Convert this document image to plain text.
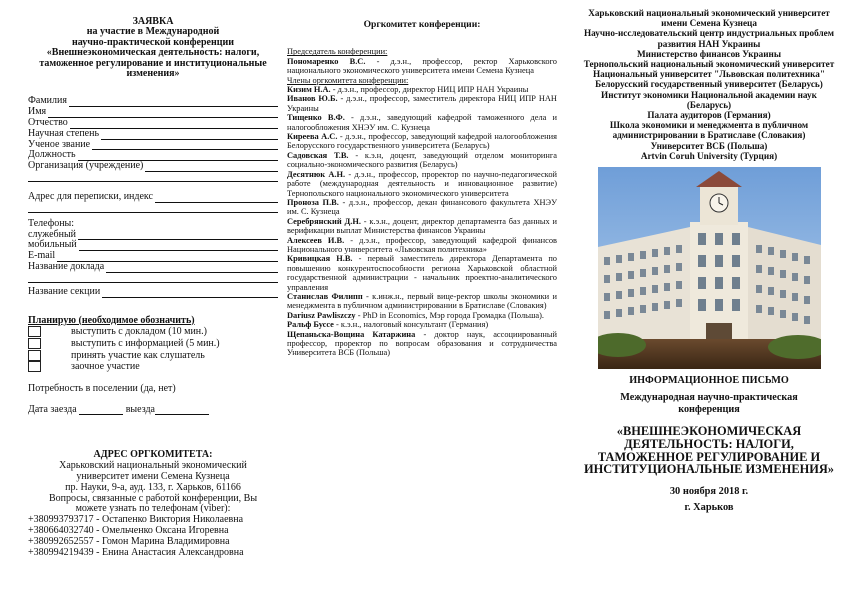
ЗАЯВКА
на участие в Международной
научно-практической конференции
«Внешнеэкономическая деятельность: налоги,
таможенное регулирование и институциональные
изменения»
Фамилия
Имя
Отчество
Научная степень
Ученое звание
Должность
Организация (учреждение)
Адрес для переписки, индекс
Телефоны:
служебный
мобильный
E-mail
Название доклада
Название секции
Планирую (необходимое обозначить)
выступить с докладом (10 мин.)
выступить с информацией (5 мин.)
принять участие как слушатель
заочное участие
Потребность в поселении (да, нет)
Дата заезда	выезда
АДРЕС ОРГКОМИТЕТА:
Харьковский национальный экономический
университет имени Семена Кузнеца
пр. Науки, 9-а, ауд. 133, г. Харьков, 61166
Вопросы, связанные с работой конференции, Вы
можете узнать по телефонам (viber):
+380993793717 - Остапенко Виктория Николаевна
+380664032740 - Омельченко Оксана Игоревна
+380992652557 - Гомон Марина Владимировна
+380994219439 - Енина Анастасия Александровна
Оргкомитет конференции:
Председатель конференции:

Пономаренко В.С. - д.э.н., профессор, ректор Харьковского национального экономического университета имени Семена Кузнеца

Члены оргкомитета конференции:

Кизим Н.А. - д.э.н., профессор, директор НИЦ ИПР НАН Украины

Иванов Ю.Б. - д.э.н., профессор, заместитель директора НИЦ ИПР НАН Украины

Тищенко В.Ф. - д.э.н., заведующий кафедрой таможенного дела и налогообложения ХНЭУ им. С. Кузнеца

Киреева А.С. - д.э.н., профессор, заведующий кафедрой налогообложения Белорусского государственного университета (Беларусь)

Садовская Т.В. - к.э.н, доцент, заведующий отделом мониторинга социально-экономического развития (Беларусь)

Десятнюк А.Н. - д.э.н., профессор, проректор по научно-педагогической работе (международная деятельность и инновационное развитие) Тернопольского национального экономического университета

Проноза П.В. - д.э.н., профессор, декан финансового факультета ХНЭУ им. С. Кузнеца

Серебрянский Д.Н. - к.э.н., доцент, директор департамента баз данных и верификации выплат Министерства финансов Украины

Алексеев И.В. - д.э.н., профессор, заведующий кафедрой финансов Национального университета «Львовская политехника»

Кривицкая Н.В. - первый заместитель директора Департамента по повышению конкурентоспособности региона Харьковской областной государственной администрации - начальник проектно-аналитического управления

Станислав Филипп - к.инж.н., первый вице-ректор школы экономики и менеджмента в публичном администрировании в Братиславе (Словакия)

Dariusz Pawliszczy - PhD in Economics, Мэр города Громадка (Польша).

Ральф Буссе - к.э.н., налоговый консультант (Германия)

Щепаньска-Вощина Катаржина - доктор наук, ассоциированный профессор, проректор по вопросам образования и сотрудничества Университета ВСБ (Польша)

Харьковский национальный экономический университет имени Семена Кузнеца
Научно-исследовательский центр индустриальных проблем развития НАН Украины
Министерство финансов Украины
Тернопольский национальный экономический университет
Национальный университет "Львовская политехника"
Белорусский государственный университет (Беларусь)
Институт экономики Национальной академии наук (Беларусь)
Палата аудиторов (Германия)
Школа экономики и менеджмента в публичном администрировании в Братиславе (Словакия)
Университет ВСБ (Польша)
Artvin Coruh University (Турция)
ИНФОРМАЦИОННОЕ ПИСЬМО
Международная научно-практическая конференция
«ВНЕШНЕЭКОНОМИЧЕСКАЯ ДЕЯТЕЛЬНОСТЬ: НАЛОГИ, ТАМОЖЕННОЕ РЕГУЛИРОВАНИЕ И ИНСТИТУЦИОНАЛЬНЫЕ ИЗМЕНЕНИЯ»
30 ноября 2018 г.
г. Харьков
